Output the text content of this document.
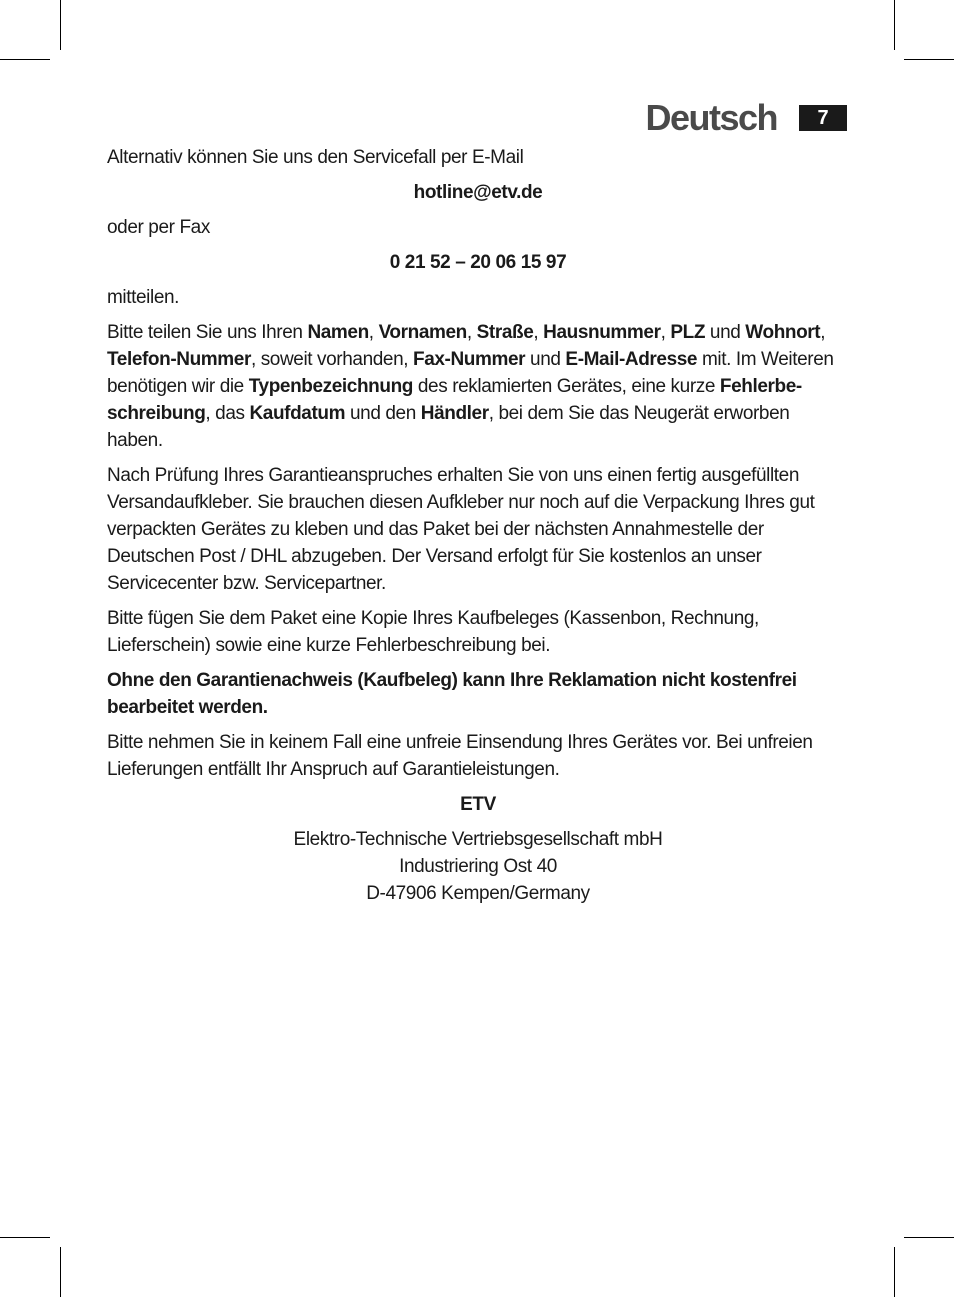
Deutsch	7

Alternativ können Sie uns den Servicefall per E-Mail

hotline@etv.de

oder per Fax

0 21 52 – 20 06 15 97

mitteilen.

Bitte teilen Sie uns Ihren Namen, Vornamen, Straße, Hausnummer, PLZ und Wohnort,
Telefon-Nummer, soweit vorhanden, Fax-Nummer und E-Mail-Adresse mit. Im Weiteren benötigen wir die Typenbezeichnung des reklamierten Gerätes, eine kurze Fehlerbe-
schreibung, das Kaufdatum und den Händler, bei dem Sie das Neugerät erworben haben.

Nach Prüfung Ihres Garantieanspruches erhalten Sie von uns einen fertig ausgefüllten Versandaufkleber. Sie brauchen diesen Aufkleber nur noch auf die Verpackung Ihres gut verpackten Gerätes zu kleben und das Paket bei der nächsten Annahmestelle der Deutschen Post / DHL abzugeben. Der Versand erfolgt für Sie kostenlos an unser Servicecenter bzw. Servicepartner.

Bitte fügen Sie dem Paket eine Kopie Ihres Kaufbeleges (Kassenbon, Rechnung, Lieferschein) sowie eine kurze Fehlerbeschreibung bei.

Ohne den Garantienachweis (Kaufbeleg) kann Ihre Reklamation nicht kostenfrei bearbeitet werden.

Bitte nehmen Sie in keinem Fall eine unfreie Einsendung Ihres Gerätes vor. Bei unfreien Lieferungen entfällt Ihr Anspruch auf Garantieleistungen.

ETV

Elektro-Technische Vertriebsgesellschaft mbH
Industriering Ost 40
D-47906 Kempen/Germany
